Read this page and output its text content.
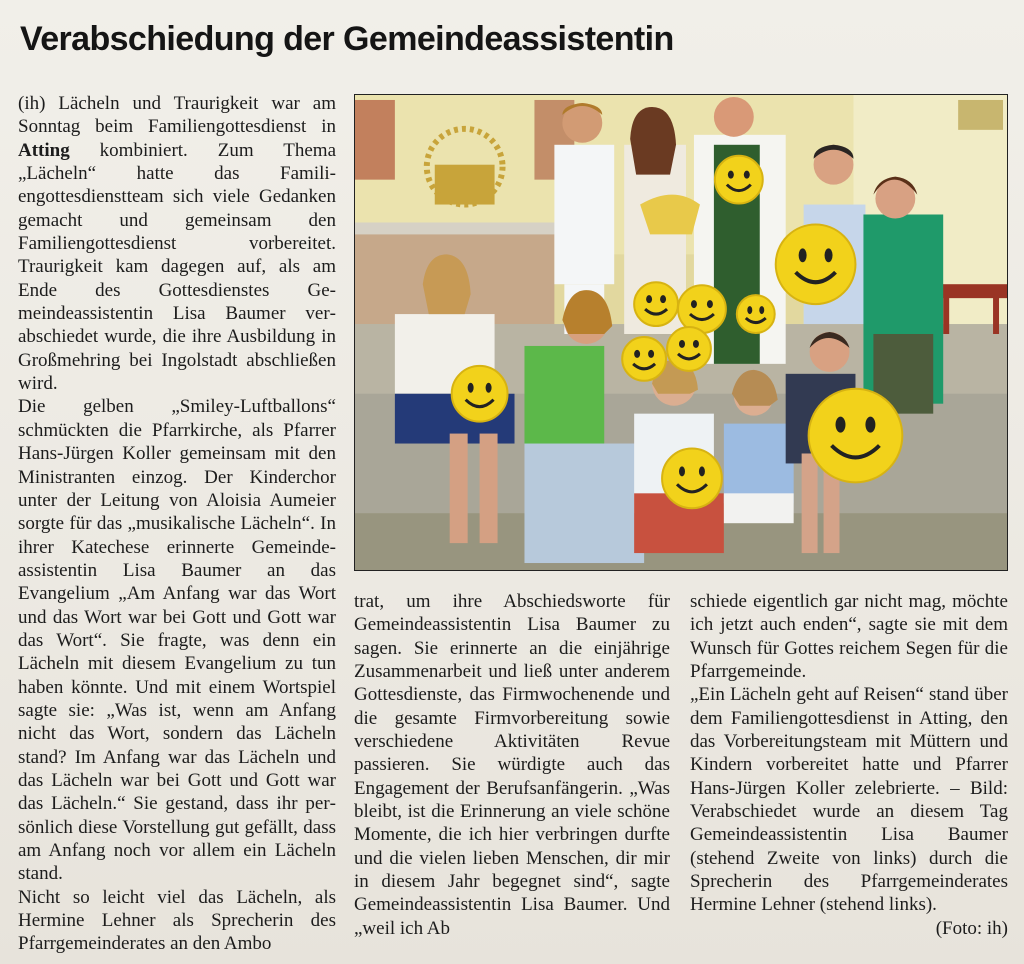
Verabschiedung der Gemeindeassistentin

(ih) Lächeln und Traurigkeit war am Sonntag beim Familiengottesdienst in Atting kombiniert. Zum Thema „Lächeln“ hatte das Familiengottesdienstteam sich viele Gedanken gemacht und gemeinsam den Familiengottesdienst vorbereitet. Traurigkeit kam dagegen auf, als am Ende des Gottesdienstes Gemeindeassistentin Lisa Baumer verabschiedet wurde, die ihre Ausbildung in Großmehring bei Ingolstadt abschließen wird.

Die gelben „Smiley-Luftballons“ schmückten die Pfarrkirche, als Pfarrer Hans-Jürgen Koller gemeinsam mit den Ministranten einzog. Der Kinderchor unter der Leitung von Aloisia Aumeier sorgte für das „musikalische Lächeln“. In ihrer Katechese erinnerte Gemeindeassistentin Lisa Baumer an das Evangelium „Am Anfang war das Wort und das Wort war bei Gott und Gott war das Wort“. Sie fragte, was denn ein Lächeln mit diesem Evangelium zu tun haben könnte. Und mit einem Wortspiel sagte sie: „Was ist, wenn am Anfang nicht das Wort, sondern das Lächeln stand? Im Anfang war das Lächeln und das Lächeln war bei Gott und Gott war das Lächeln.“ Sie gestand, dass ihr persönlich diese Vorstellung gut gefällt, dass am Anfang noch vor allem ein Lächeln stand.

Nicht so leicht viel das Lächeln, als Hermine Lehner als Sprecherin des Pfarrgemeinderates an den Ambo

trat, um ihre Abschiedsworte für Gemeindeassistentin Lisa Baumer zu sagen. Sie erinnerte an die einjährige Zusammenarbeit und ließ unter anderem Gottesdienste, das Firmwochenende und die gesamte Firmvorbereitung sowie verschiedene Aktivitäten Revue passieren. Sie würdigte auch das Engagement der Berufsanfängerin. „Was bleibt, ist die Erinnerung an viele schöne Momente, die ich hier verbringen durfte und die vielen lieben Menschen, dir mir in diesem Jahr begegnet sind“, sagte Gemeindeassistentin Lisa Baumer. Und „weil ich Ab

schiede eigentlich gar nicht mag, möchte ich jetzt auch enden“, sagte sie mit dem Wunsch für Gottes reichem Segen für die Pfarrgemeinde.

„Ein Lächeln geht auf Reisen“ stand über dem Familiengottesdienst in Atting, den das Vorbereitungsteam mit Müttern und Kindern vorbereitet hatte und Pfarrer Hans-Jürgen Koller zelebrierte. – Bild: Verabschiedet wurde an diesem Tag Gemeindeassistentin Lisa Baumer (stehend Zweite von links) durch die Sprecherin des Pfarrgemeinderates Hermine Lehner (stehend links).
(Foto: ih)
